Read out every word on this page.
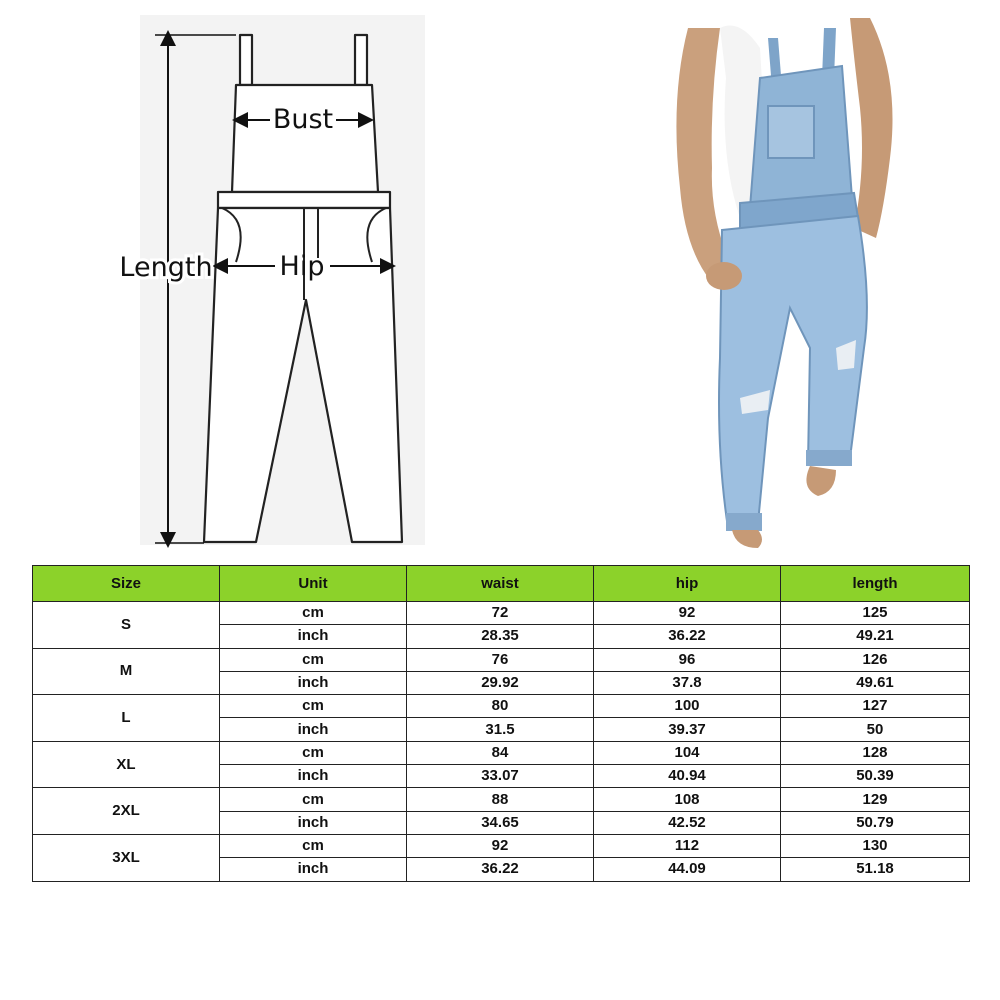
Bust
Hip
Length
Size	Unit	waist	hip	length
S	cm	72	92	125
	inch	28.35	36.22	49.21
M	cm	76	96	126
	inch	29.92	37.8	49.61
L	cm	80	100	127
	inch	31.5	39.37	50
XL	cm	84	104	128
	inch	33.07	40.94	50.39
2XL	cm	88	108	129
	inch	34.65	42.52	50.79
3XL	cm	92	112	130
	inch	36.22	44.09	51.18
